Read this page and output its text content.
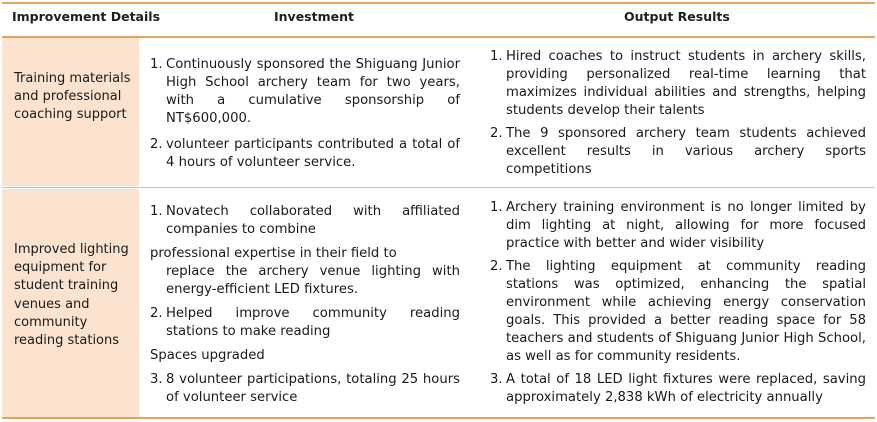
Improvement Details	Investment	Output Results
Training materials and professional coaching support
1. Continuously sponsored the Shiguang Junior High School archery team for two years, with a cumulative sponsorship of NT$600,000.
2. volunteer participants contributed a total of 4 hours of volunteer service.
1. Hired coaches to instruct students in archery skills, providing personalized real-time learning that maximizes individual abilities and strengths, helping students develop their talents
2. The 9 sponsored archery team students achieved excellent results in various archery sports competitions
Improved lighting equipment for student training venues and community reading stations
1. Novatech collaborated with affiliated companies to combine

professional expertise in their field to

replace the archery venue lighting with energy-efficient LED fixtures.
2. Helped improve community reading stations to make reading

Spaces upgraded

3. 8 volunteer participations, totaling 25 hours of volunteer service
1. Archery training environment is no longer limited by dim lighting at night, allowing for more focused practice with better and wider visibility
2. The lighting equipment at community reading stations was optimized, enhancing the spatial environment while achieving energy conservation goals. This provided a better reading space for 58 teachers and students of Shiguang Junior High School, as well as for community residents.
3. A total of 18 LED light fixtures were replaced, saving approximately 2,838 kWh of electricity annually
